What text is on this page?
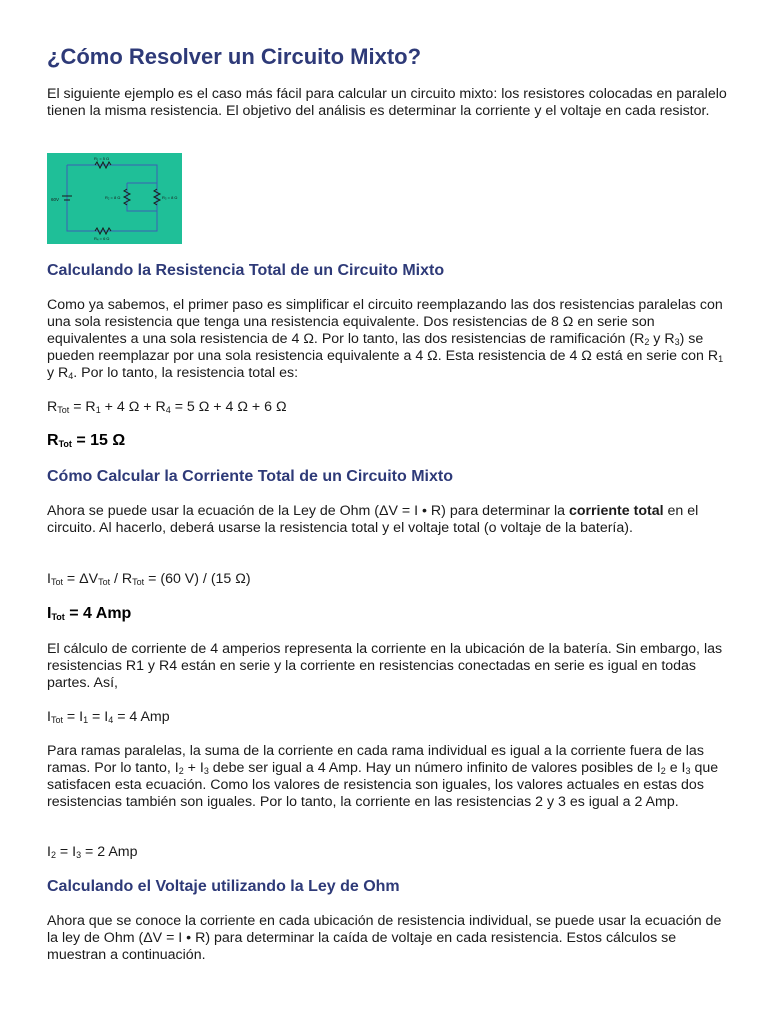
¿Cómo Resolver un Circuito Mixto?

El siguiente ejemplo es el caso más fácil para calcular un circuito mixto: los resistores colocadas en paralelo tienen la misma resistencia. El objetivo del análisis es determinar la corriente y el voltaje en cada resistor.

60V
R₁ = 5 Ω
R₂ = 8 Ω	R₃ = 8 Ω
R₄ = 6 Ω
Calculando la Resistencia Total de un Circuito Mixto

Como ya sabemos, el primer paso es simplificar el circuito reemplazando las dos resistencias paralelas con una sola resistencia que tenga una resistencia equivalente. Dos resistencias de 8 Ω en serie son equivalentes a una sola resistencia de 4 Ω. Por lo tanto, las dos resistencias de ramificación ($R_2$ y $R_3$) se pueden reemplazar por una sola resistencia equivalente a 4 Ω. Esta resistencia de 4 Ω está en serie con $R_1$ y $R_4$. Por lo tanto, la resistencia total es:

$R_{Tot} = R_1 + 4$ $\Omega + R_4 = 5$ Ω + 4 Ω + 6 Ω

$R_{Tot} = 15$ Ω
Cómo Calcular la Corriente Total de un Circuito Mixto

Ahora se puede usar la ecuación de la Ley de Ohm (ΔV = I • R) para determinar la corriente total en el circuito. Al hacerlo, deberá usarse la resistencia total y el voltaje total (o voltaje de la batería).

$I_{Tot} = \Delta V_{Tot} / R_{Tot} = (60$ V) / (15 Ω)

$I_{Tot} = 4$ Amp

El cálculo de corriente de 4 amperios representa la corriente en la ubicación de la batería. Sin embargo, las resistencias R1 y R4 están en serie y la corriente en resistencias conectadas en serie es igual en todas partes. Así,

$I_{Tot} = I_1 = I_4 = 4$ Amp

Para ramas paralelas, la suma de la corriente en cada rama individual es igual a la corriente fuera de las ramas. Por lo tanto, $I_2 + I_3$ debe ser igual a 4 Amp. Hay un número infinito de valores posibles de $I_2$ e $I_3$ que satisfacen esta ecuación. Como los valores de resistencia son iguales, los valores actuales en estas dos resistencias también son iguales. Por lo tanto, la corriente en las resistencias 2 y 3 es igual a 2 Amp.

$I_2 = I_3 = 2$ Amp

Calculando el Voltaje utilizando la Ley de Ohm

Ahora que se conoce la corriente en cada ubicación de resistencia individual, se puede usar la ecuación de la ley de Ohm (ΔV = I • R) para determinar la caída de voltaje en cada resistencia. Estos cálculos se muestran a continuación.
